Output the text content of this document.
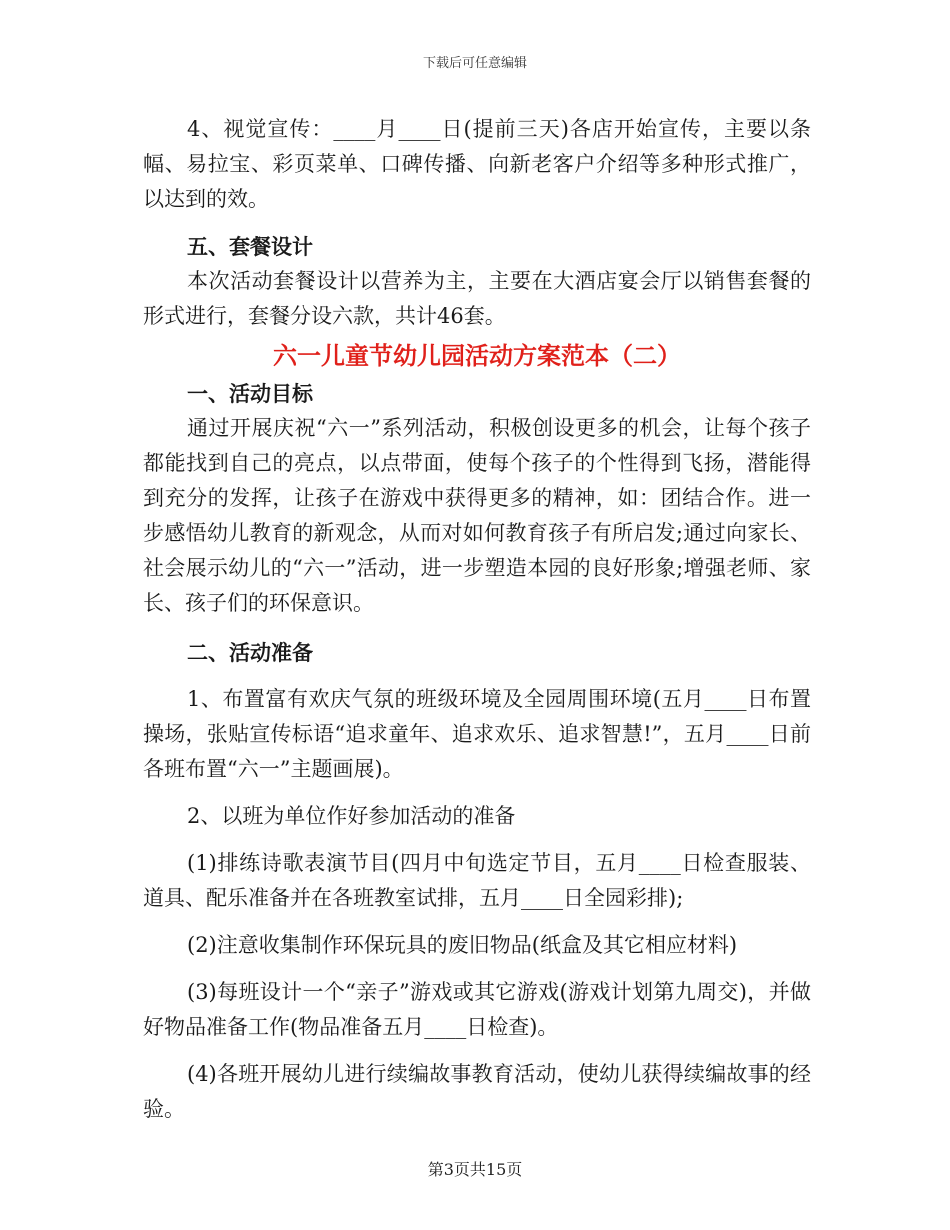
下载后可任意编辑

4、视觉宣传：____月____日(提前三天)各店开始宣传，主要以条幅、易拉宝、彩页菜单、口碑传播、向新老客户介绍等多种形式推广，以达到的效。

五、套餐设计

本次活动套餐设计以营养为主，主要在大酒店宴会厅以销售套餐的形式进行，套餐分设六款，共计46套。

六一儿童节幼儿园活动方案范本（二）

一、活动目标

通过开展庆祝“六一”系列活动，积极创设更多的机会，让每个孩子都能找到自己的亮点，以点带面，使每个孩子的个性得到飞扬，潜能得到充分的发挥，让孩子在游戏中获得更多的精神，如：团结合作。进一步感悟幼儿教育的新观念，从而对如何教育孩子有所启发;通过向家长、社会展示幼儿的“六一”活动，进一步塑造本园的良好形象;增强老师、家长、孩子们的环保意识。

二、活动准备

1、布置富有欢庆气氛的班级环境及全园周围环境(五月____日布置操场，张贴宣传标语“追求童年、追求欢乐、追求智慧!”，五月____日前各班布置“六一”主题画展)。

2、以班为单位作好参加活动的准备

(1)排练诗歌表演节目(四月中旬选定节目，五月____日检查服装、道具、配乐准备并在各班教室试排，五月____日全园彩排);

(2)注意收集制作环保玩具的废旧物品(纸盒及其它相应材料)

(3)每班设计一个“亲子”游戏或其它游戏(游戏计划第九周交)，并做好物品准备工作(物品准备五月____日检查)。

(4)各班开展幼儿进行续编故事教育活动，使幼儿获得续编故事的经验。

第3页共15页
